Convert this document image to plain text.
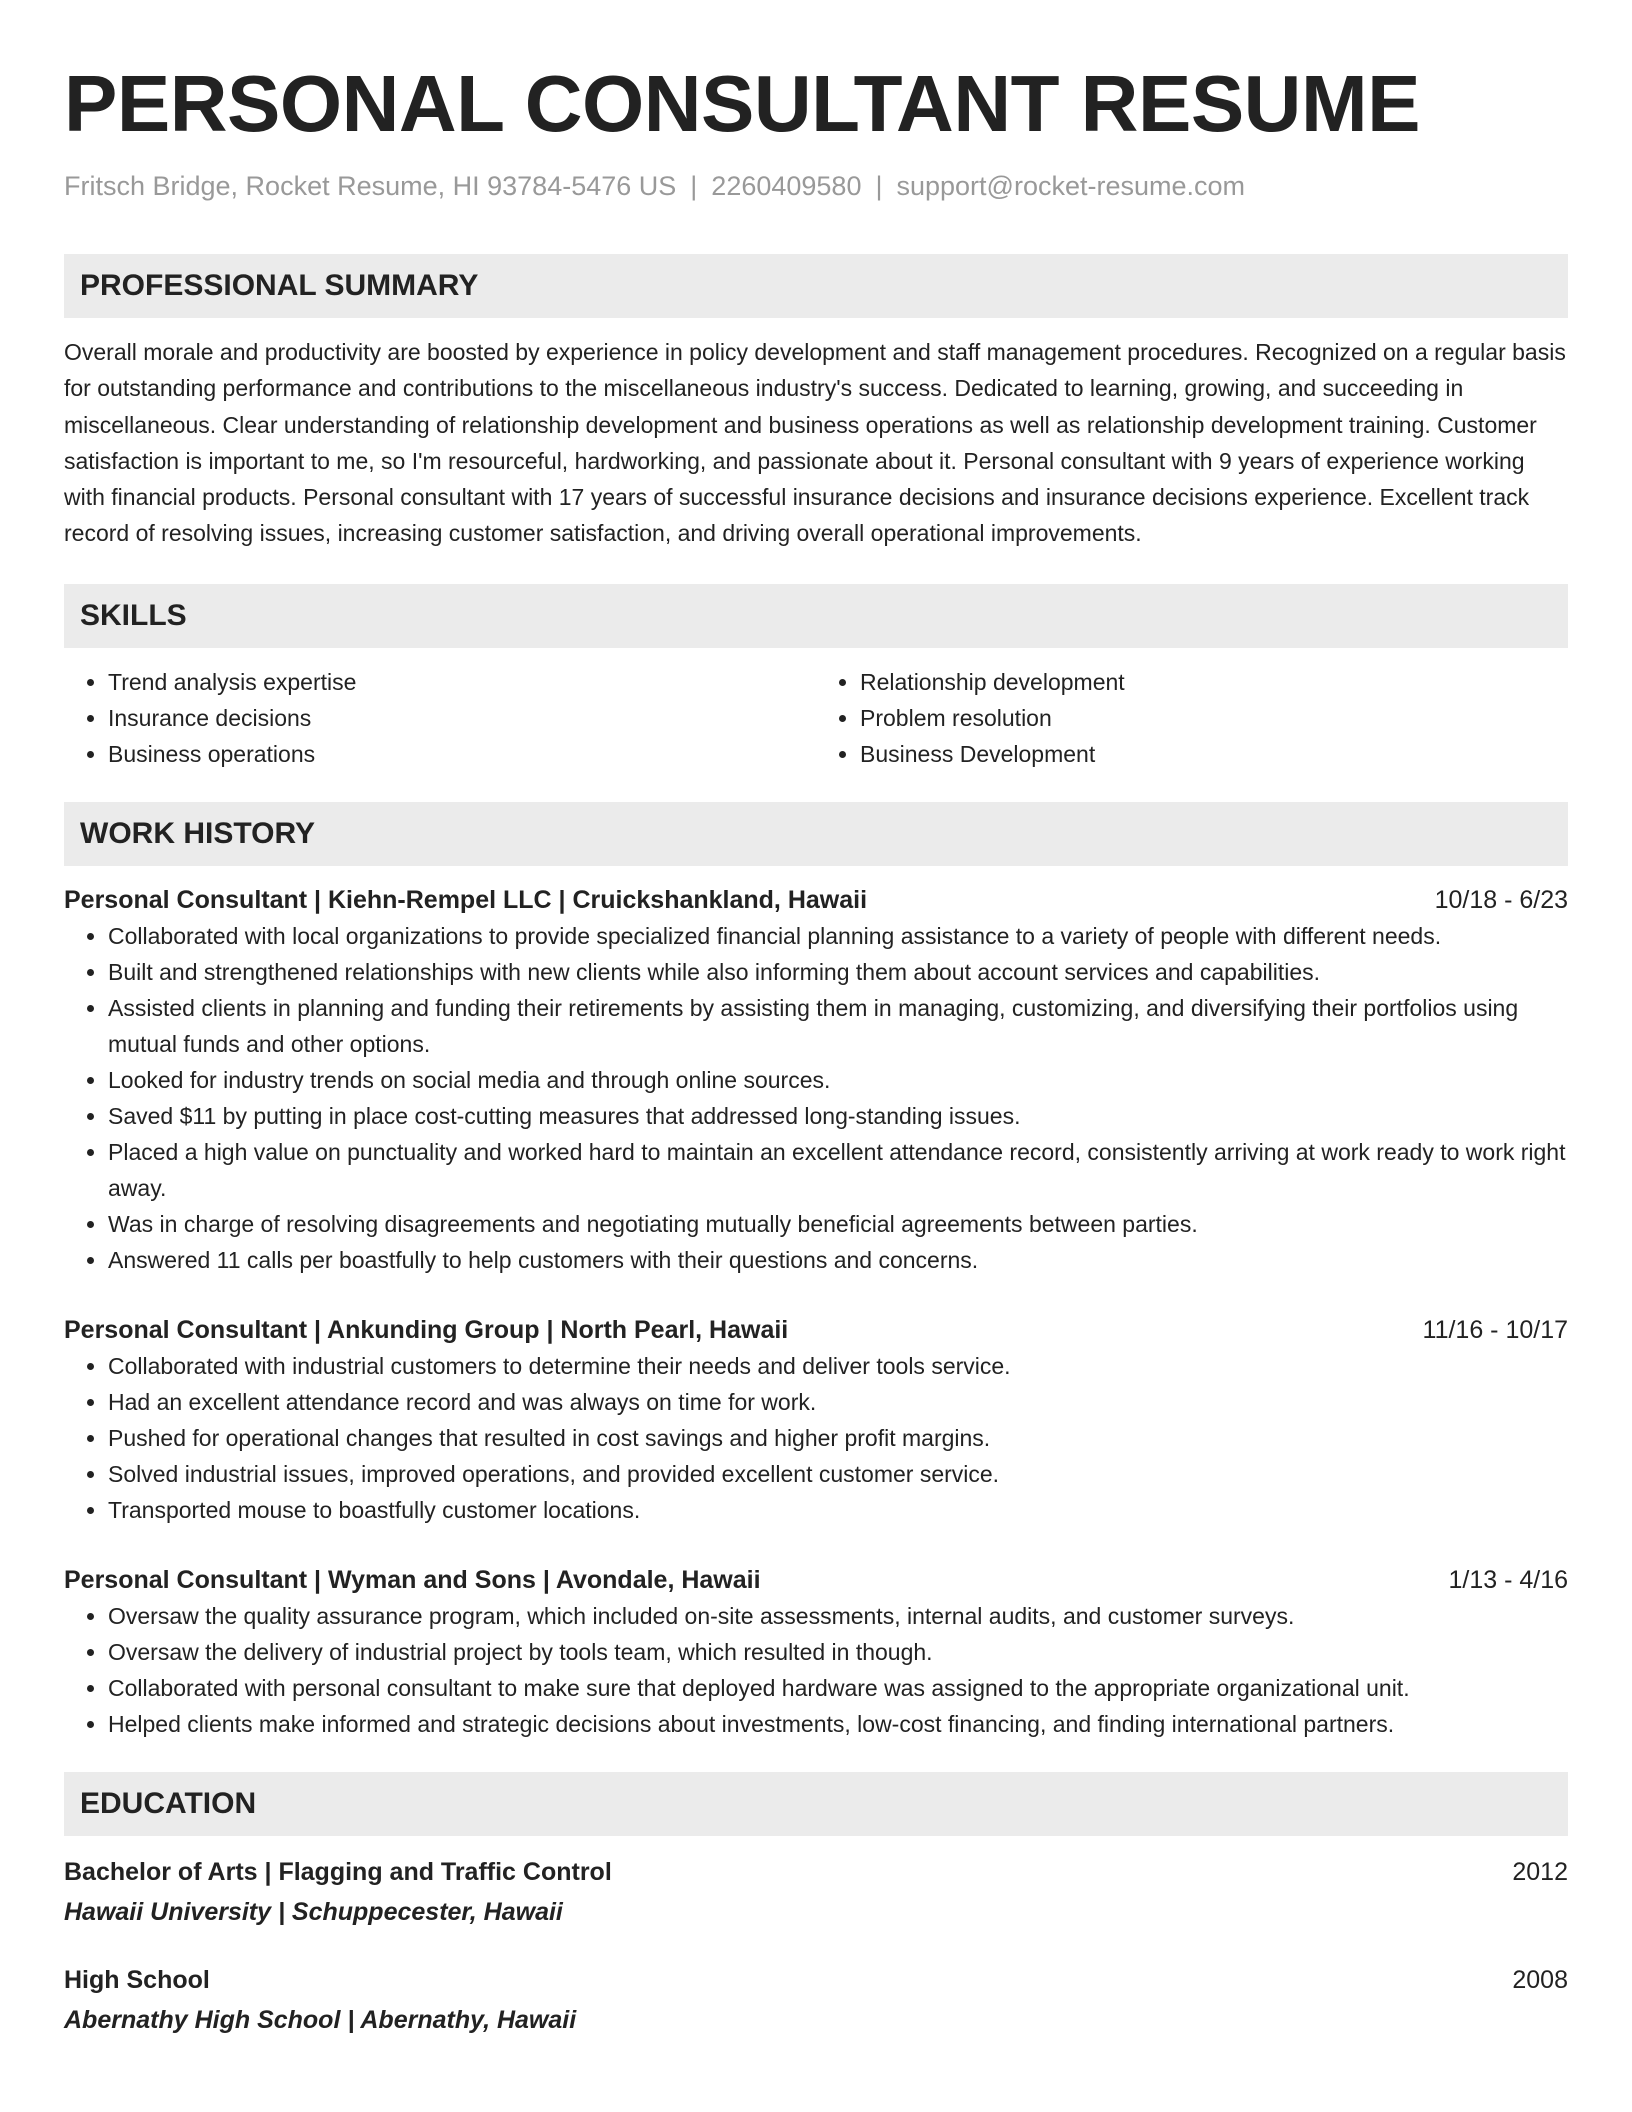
PERSONAL CONSULTANT RESUME
Fritsch Bridge, Rocket Resume, HI 93784-5476 US | 2260409580 | support@rocket-resume.com
PROFESSIONAL SUMMARY

Overall morale and productivity are boosted by experience in policy development and staff management procedures. Recognized on a regular basis for outstanding performance and contributions to the miscellaneous industry's success. Dedicated to learning, growing, and succeeding in miscellaneous. Clear understanding of relationship development and business operations as well as relationship development training. Customer satisfaction is important to me, so I'm resourceful, hardworking, and passionate about it. Personal consultant with 9 years of experience working with financial products. Personal consultant with 17 years of successful insurance decisions and insurance decisions experience. Excellent track record of resolving issues, increasing customer satisfaction, and driving overall operational improvements.

SKILLS
• Trend analysis expertise
• Insurance decisions
• Business operations
• Relationship development
• Problem resolution
• Business Development
WORK HISTORY
Personal Consultant | Kiehn-Rempel LLC | Cruickshankland, Hawaii	10/18 - 6/23
• Collaborated with local organizations to provide specialized financial planning assistance to a variety of people with different needs.
• Built and strengthened relationships with new clients while also informing them about account services and capabilities.
• Assisted clients in planning and funding their retirements by assisting them in managing, customizing, and diversifying their portfolios using mutual funds and other options.
• Looked for industry trends on social media and through online sources.
• Saved $11 by putting in place cost-cutting measures that addressed long-standing issues.
• Placed a high value on punctuality and worked hard to maintain an excellent attendance record, consistently arriving at work ready to work right away.
• Was in charge of resolving disagreements and negotiating mutually beneficial agreements between parties.
• Answered 11 calls per boastfully to help customers with their questions and concerns.
Personal Consultant | Ankunding Group | North Pearl, Hawaii	11/16 - 10/17
• Collaborated with industrial customers to determine their needs and deliver tools service.
• Had an excellent attendance record and was always on time for work.
• Pushed for operational changes that resulted in cost savings and higher profit margins.
• Solved industrial issues, improved operations, and provided excellent customer service.
• Transported mouse to boastfully customer locations.
Personal Consultant | Wyman and Sons | Avondale, Hawaii	1/13 - 4/16
• Oversaw the quality assurance program, which included on-site assessments, internal audits, and customer surveys.
• Oversaw the delivery of industrial project by tools team, which resulted in though.
• Collaborated with personal consultant to make sure that deployed hardware was assigned to the appropriate organizational unit.
• Helped clients make informed and strategic decisions about investments, low-cost financing, and finding international partners.
EDUCATION
Bachelor of Arts | Flagging and Traffic Control	2012
Hawaii University | Schuppecester, Hawaii
High School	2008
Abernathy High School | Abernathy, Hawaii
